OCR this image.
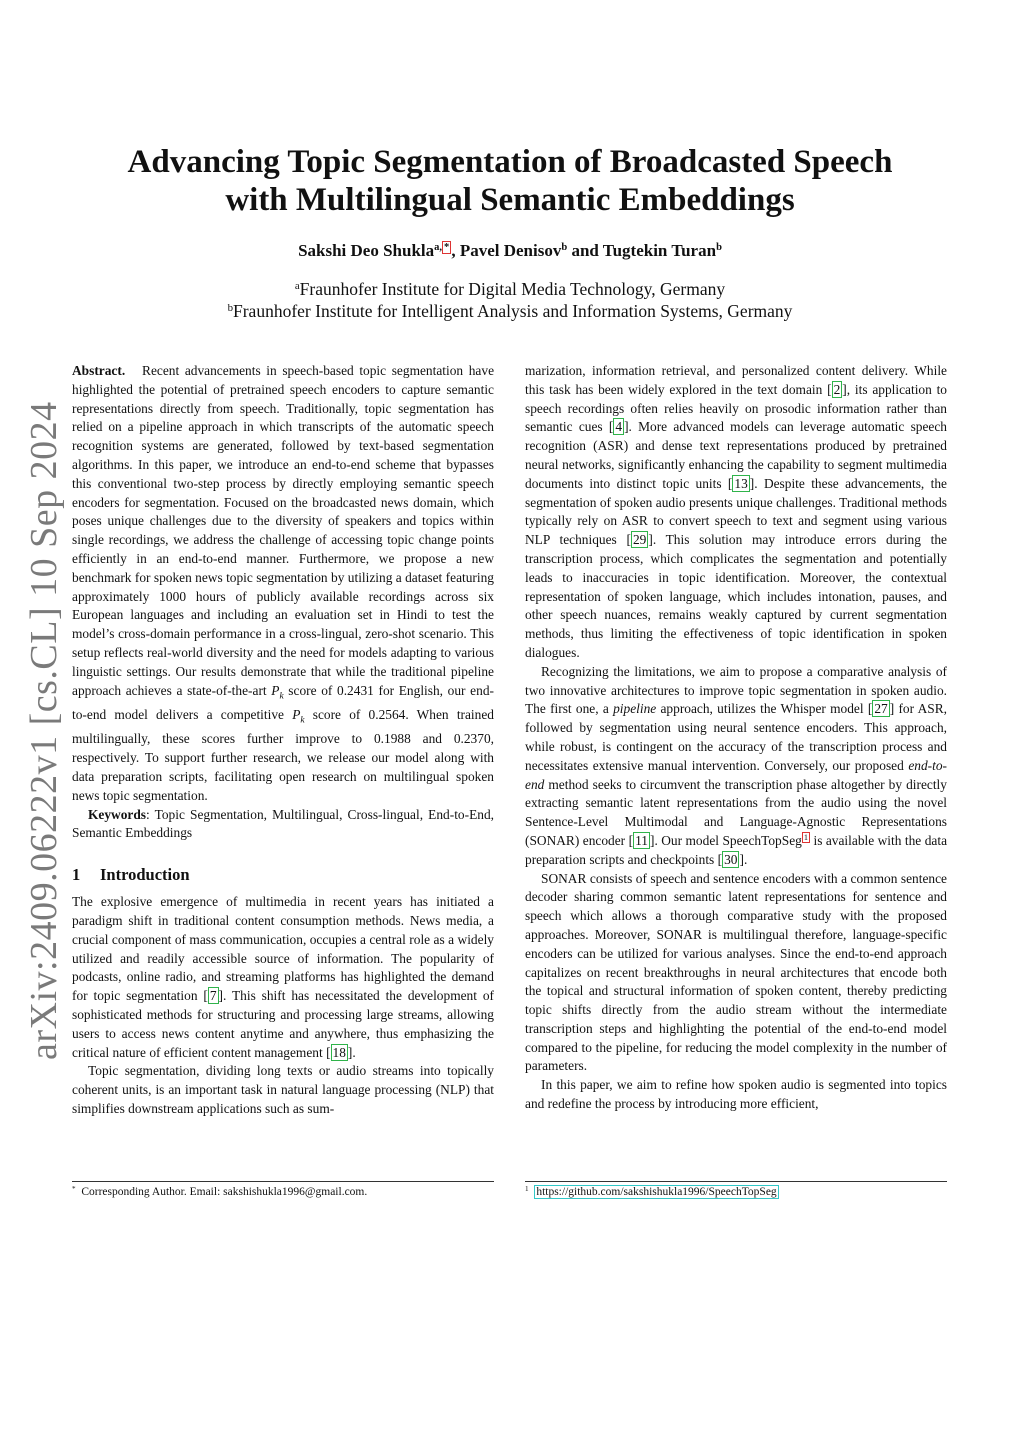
arXiv:2409.06222v1 [cs.CL] 10 Sep 2024
Advancing Topic Segmentation of Broadcasted Speech
with Multilingual Semantic Embeddings
Sakshi Deo Shukla$^{a, *}$ , Pavel Denisov$^b$ and Tugtekin Turan$^b$
$^a$Fraunhofer Institute for Digital Media Technology, Germany
$^b$Fraunhofer Institute for Intelligent Analysis and Information Systems, Germany

Abstract. Recent advancements in speech-based topic segmentation have highlighted the potential of pretrained speech encoders to capture semantic representations directly from speech. Traditionally, topic segmentation has relied on a pipeline approach in which transcripts of the automatic speech recognition systems are generated, followed by text-based segmentation algorithms. In this paper, we introduce an end-to-end scheme that bypasses this conventional two-step process by directly employing semantic speech encoders for segmentation. Focused on the broadcasted news domain, which poses unique challenges due to the diversity of speakers and topics within single recordings, we address the challenge of accessing topic change points efficiently in an end-to-end manner. Furthermore, we propose a new benchmark for spoken news topic segmentation by utilizing a dataset featuring approximately 1000 hours of publicly available recordings across six European languages and including an evaluation set in Hindi to test the model’s cross-domain performance in a cross-lingual, zero-shot scenario. This setup reflects real-world diversity and the need for models adapting to various linguistic settings. Our results demonstrate that while the traditional pipeline approach achieves a state-of-the-art $P_k$ score of 0.2431 for English, our end-to-end model delivers a competitive $P_k$ score of 0.2564. When trained multilingually, these scores further improve to 0.1988 and 0.2370, respectively. To support further research, we release our model along with data preparation scripts, facilitating open research on multilingual spoken news topic segmentation.

Keywords: Topic Segmentation, Multilingual, Cross-lingual, End-to-End, Semantic Embeddings

1 Introduction

The explosive emergence of multimedia in recent years has initiated a paradigm shift in traditional content consumption methods. News media, a crucial component of mass communication, occupies a central role as a widely utilized and readily accessible source of information. The popularity of podcasts, online radio, and streaming platforms has highlighted the demand for topic segmentation [ 7 ]. This shift has necessitated the development of sophisticated methods for structuring and processing large streams, allowing users to access news content anytime and anywhere, thus emphasizing the critical nature of efficient content management [ 18 ].

Topic segmentation, dividing long texts or audio streams into topically coherent units, is an important task in natural language processing (NLP) that simplifies downstream applications such as sum-

* Corresponding Author. Email: sakshishukla1996@gmail.com.

marization, information retrieval, and personalized content delivery. While this task has been widely explored in the text domain [ 2 ], its application to speech recordings often relies heavily on prosodic information rather than semantic cues [ 4 ]. More advanced models can leverage automatic speech recognition (ASR) and dense text representations produced by pretrained neural networks, significantly enhancing the capability to segment multimedia documents into distinct topic units [ 13 ]. Despite these advancements, the segmentation of spoken audio presents unique challenges. Traditional methods typically rely on ASR to convert speech to text and segment using various NLP techniques [ 29 ]. This solution may introduce errors during the transcription process, which complicates the segmentation and potentially leads to inaccuracies in topic identification. Moreover, the contextual representation of spoken language, which includes intonation, pauses, and other speech nuances, remains weakly captured by current segmentation methods, thus limiting the effectiveness of topic identification in spoken dialogues.

Recognizing the limitations, we aim to propose a comparative analysis of two innovative architectures to improve topic segmentation in spoken audio. The first one, a pipeline approach, utilizes the Whisper model [ 27 ] for ASR, followed by segmentation using neural sentence encoders. This approach, while robust, is contingent on the accuracy of the transcription process and necessitates extensive manual intervention. Conversely, our proposed end-to-end method seeks to circumvent the transcription phase altogether by directly extracting semantic latent representations from the audio using the novel Sentence-Level Multimodal and Language-Agnostic Representations (SONAR) encoder [ 11 ]. Our model SpeechTopSeg $^1$ is available with the data preparation scripts and checkpoints [ 30 ].

SONAR consists of speech and sentence encoders with a common sentence decoder sharing common semantic latent representations for sentence and speech which allows a thorough comparative study with the proposed approaches. Moreover, SONAR is multilingual therefore, language-specific encoders can be utilized for various analyses. Since the end-to-end approach capitalizes on recent breakthroughs in neural architectures that encode both the topical and structural information of spoken content, thereby predicting topic shifts directly from the audio stream without the intermediate transcription steps and highlighting the potential of the end-to-end model compared to the pipeline, for reducing the model complexity in the number of parameters.

In this paper, we aim to refine how spoken audio is segmented into topics and redefine the process by introducing more efficient,

$^1$ https://github.com/sakshishukla1996/SpeechTopSeg
